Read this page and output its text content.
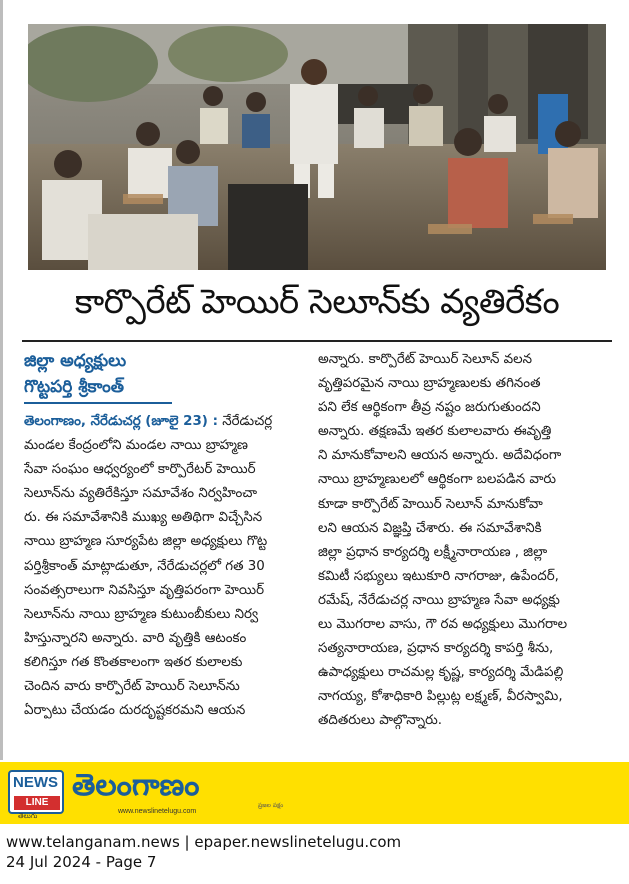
కార్పొరేట్ హెయిర్ సెలూన్‌కు వ్యతిరేకం
జిల్లా అధ్యక్షులు
గొట్టపర్తి శ్రీకాంత్
తెలంగాణం, నేరేడుచర్ల (జూలై 23) : నేరేడుచర్ల
మండల కేంద్రంలోని మండల నాయి బ్రాహ్మణ
సేవా సంఘం ఆధ్వర్యంలో కార్పొరేటర్ హెయిర్
సెలూన్‌ను వ్యతిరేకిస్తూ సమావేశం నిర్వహించా
రు. ఈ సమావేశానికి ముఖ్య అతిథిగా విచ్చేసిన
నాయి బ్రాహ్మణ సూర్యపేట జిల్లా అధ్యక్షులు గొట్ట
పర్తిశ్రీకాంత్ మాట్లాడుతూ, నేరేడుచర్లలో గత 30
సంవత్సరాలుగా నివసిస్తూ వృత్తిపరంగా హెయిర్
సెలూన్‌ను నాయి బ్రాహ్మణ కుటుంబీకులు నిర్వ
హిస్తున్నారని అన్నారు. వారి వృత్తికి ఆటంకం
కలిగిస్తూ గత కొంతకాలంగా ఇతర కులాలకు
చెందిన వారు కార్పొరేట్ హెయిర్ సెలూన్‌ను
ఏర్పాటు చేయడం దురదృష్టకరమని ఆయన
అన్నారు. కార్పొరేట్ హెయిర్ సెలూన్ వలన
వృత్తిపరమైన నాయి బ్రాహ్మణులకు తగినంత
పని లేక ఆర్థికంగా తీవ్ర నష్టం జరుగుతుందని
అన్నారు. తక్షణమే ఇతర కులాలవారు ఈవృత్తి
ని మానుకోవాలని ఆయన అన్నారు. అదేవిధంగా
నాయి బ్రాహ్మణులలో ఆర్థికంగా బలపడిన వారు
కూడా కార్పొరేట్ హెయిర్ సెలూన్ మానుకోవా
లని ఆయన విజ్ఞప్తి చేశారు. ఈ సమావేశానికి
జిల్లా ప్రధాన కార్యదర్శి లక్ష్మీనారాయణ , జిల్లా
కమిటీ సభ్యులు ఇటుకూరి నాగరాజు, ఉపేందర్,
రమేష్, నేరేడుచర్ల నాయి బ్రాహ్మణ సేవా అధ్యక్షు
లు మొగరాల వాసు, గౌ రవ అధ్యక్షులు మొగరాల
సత్యనారాయణ, ప్రధాన కార్యదర్శి కాపర్తి శీను,
ఉపాధ్యక్షులు రాచమల్ల కృష్ణ, కార్యదర్శి మేడిపల్లి
నాగయ్య, కోశాధికారి పిల్లుట్ల లక్ష్మణ్, వీరస్వామి,
తదితరులు పాల్గొన్నారు.
NEWS
LINE తెలంగాణం
www.newslinetelugu.com
ప్రజల పక్షం
తెలుగు
www.telanganam.news | epaper.newslinetelugu.com
24 Jul 2024 - Page 7
